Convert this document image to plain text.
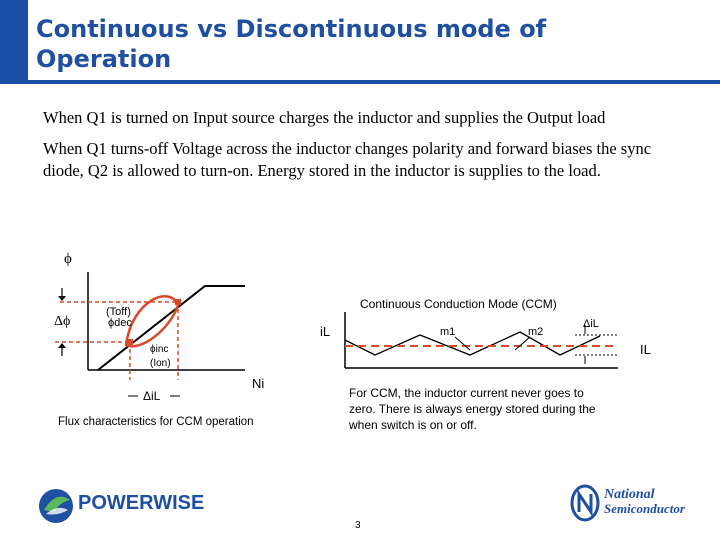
Continuous vs Discontinuous mode of
Operation

When Q1 is turned on Input source charges the inductor and supplies the Output load

When Q1 turns-off Voltage across the inductor changes polarity and forward biases the sync diode, Q2 is allowed to turn-on. Energy stored in the inductor is supplies to the load.

ϕ
Ni
Δϕ
(Toff)
ϕdec
ϕinc
(Ion)
ΔiL
Flux characteristics for CCM operation
Continuous Conduction Mode (CCM)
iL	m1	m2
ΔiL
IL
For CCM, the inductor current never goes to
zero. There is always energy stored during the
when switch is on or off.
POWERWISE
3
National
Semiconductor
